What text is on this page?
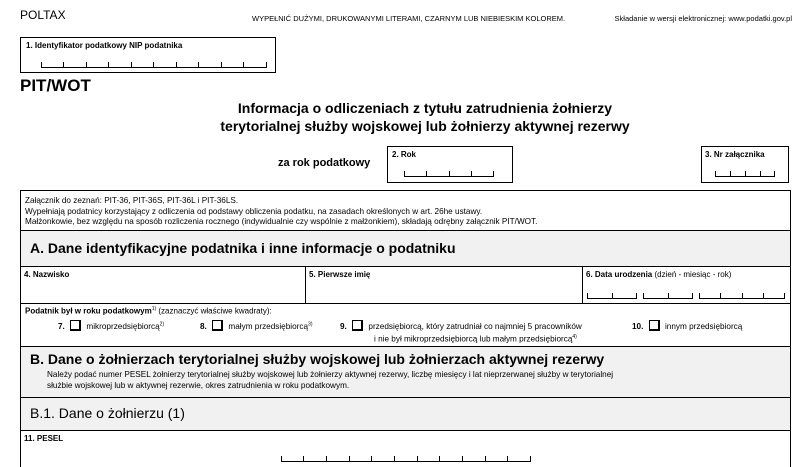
POLTAX	WYPEŁNIĆ DUŻYMI, DRUKOWANYMI LITERAMI, CZARNYM LUB NIEBIESKIM KOLOREM.	Składanie w wersji elektronicznej: www.podatki.gov.pl
1. Identyfikator podatkowy NIP podatnika
PIT/WOT
Informacja o odliczeniach z tytułu zatrudnienia żołnierzy
terytorialnej służby wojskowej lub żołnierzy aktywnej rezerwy
za rok podatkowy
2. Rok	3. Nr załącznika
Załącznik do zeznań: PIT-36, PIT-36S, PIT-36L i PIT-36LS.
Wypełniają podatnicy korzystający z odliczenia od podstawy obliczenia podatku, na zasadach określonych w art. 26he ustawy.
Małżonkowie, bez względu na sposób rozliczenia rocznego (indywidualnie czy wspólnie z małżonkiem), składają odrębny załącznik PIT/WOT.
A. Dane identyfikacyjne podatnika i inne informacje o podatniku
4. Nazwisko	5. Pierwsze imię	6. Data urodzenia (dzień - miesiąc - rok)
Podatnik był w roku podatkowym$^{1)}$ (zaznaczyć właściwe kwadraty):
7.	mikroprzedsiębiorcą$^{2)}$	8.	małym przedsiębiorcą$^{3)}$	9.	przedsiębiorcą, który zatrudniał co najmniej 5 pracowników
i nie był mikroprzedsiębiorcą lub małym przedsiębiorcą$^{4)}$
10.	innym przedsiębiorcą
B. Dane o żołnierzach terytorialnej służby wojskowej lub żołnierzach aktywnej rezerwy
Należy podać numer PESEL żołnierzy terytorialnej służby wojskowej lub żołnierzy aktywnej rezerwy, liczbę miesięcy i lat nieprzerwanej służby w terytorialnej
służbie wojskowej lub w aktywnej rezerwie, okres zatrudnienia w roku podatkowym.
B.1. Dane o żołnierzu (1)
11. PESEL
